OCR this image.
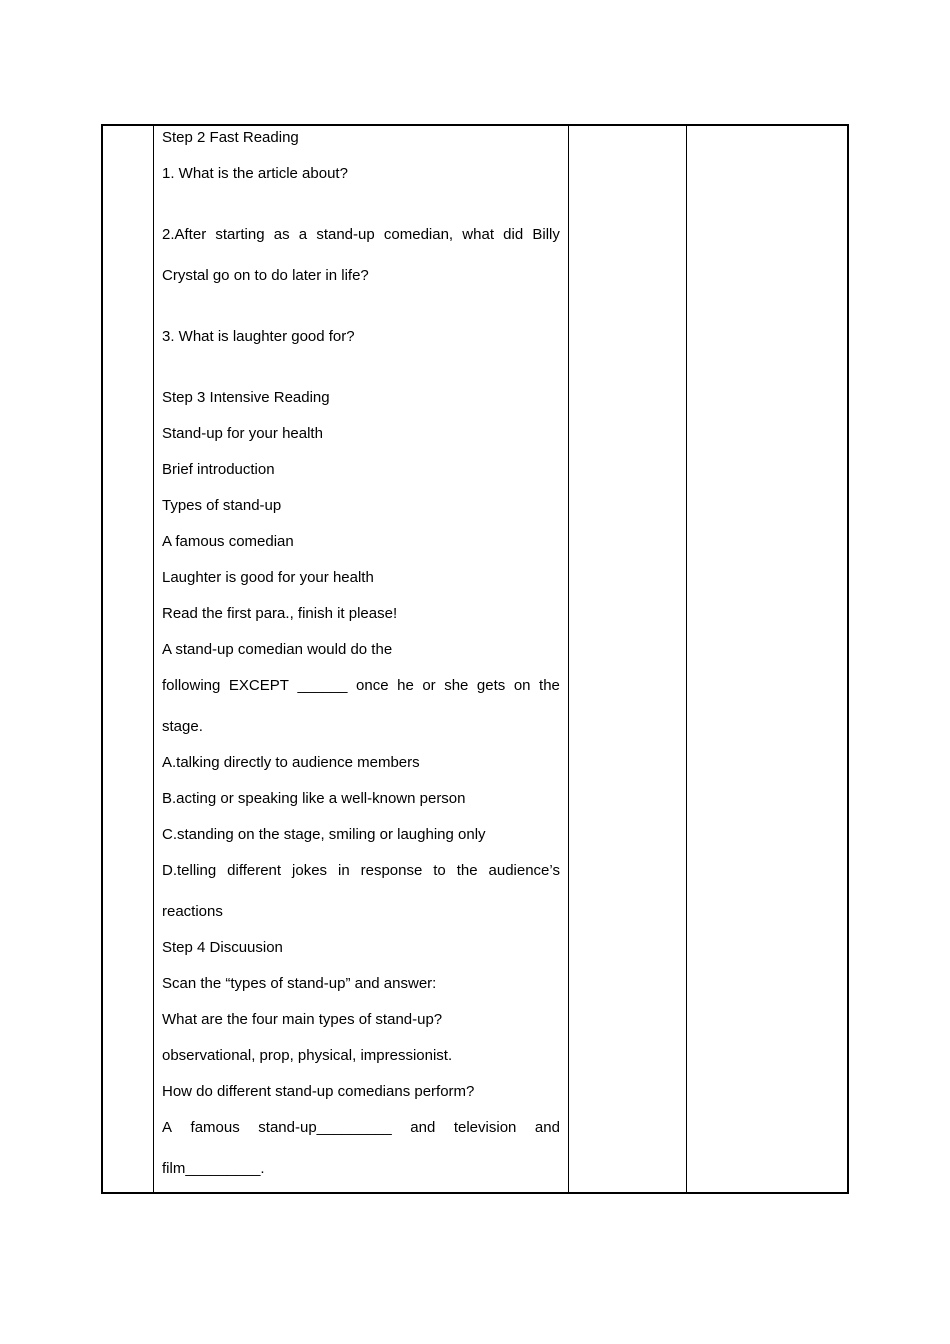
Step 2 Fast Reading
1. What is the article about?
2.After starting as a stand-up comedian, what did Billy
Crystal go on to do later in life?
3. What is laughter good for?
Step 3 Intensive Reading
Stand-up for your health
Brief introduction
Types of stand-up
A famous comedian
Laughter is good for your health
Read the first para., finish it please!
A stand-up comedian would do the
following EXCEPT ______ once he or she gets on the
stage.
A.talking directly to audience members
B.acting or speaking like a well-known person
C.standing on the stage, smiling or laughing only
D.telling different jokes in response to the audience’s
reactions
Step 4 Discuusion
Scan the “types of stand-up” and answer:
What are the four main types of stand-up?
observational, prop, physical, impressionist.
How do different stand-up comedians perform?
A famous stand-up_________ and television and
film_________.
